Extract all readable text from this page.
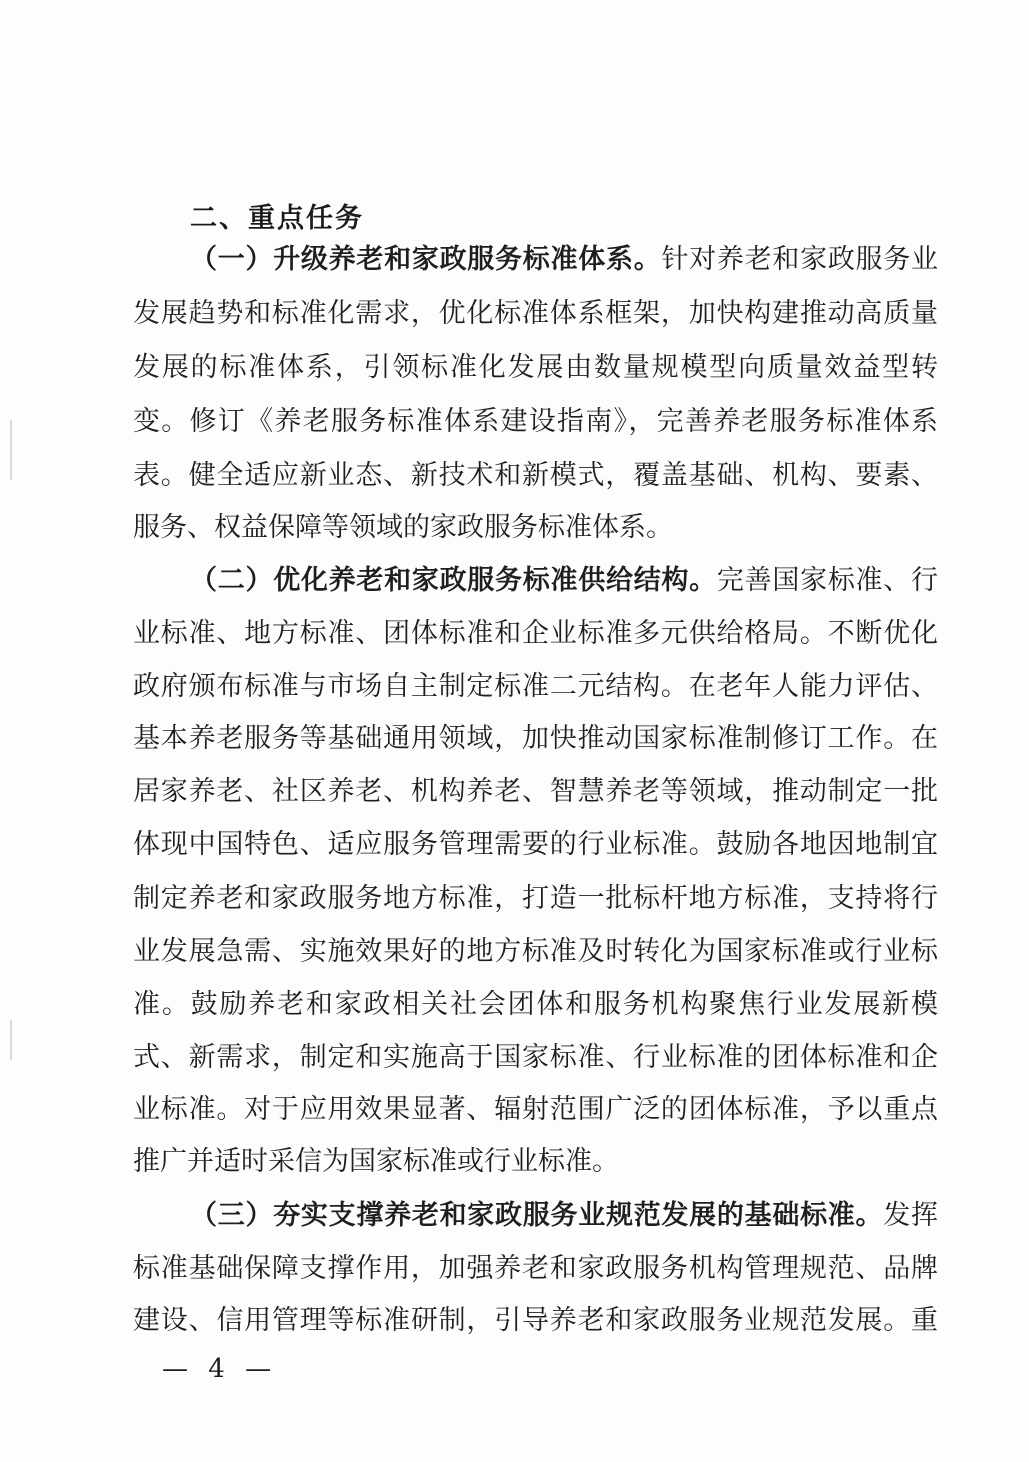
二、重点任务
（一）升级养老和家政服务标准体系。针对养老和家政服务业
发展趋势和标准化需求，优化标准体系框架，加快构建推动高质量
发展的标准体系，引领标准化发展由数量规模型向质量效益型转
变。修订《养老服务标准体系建设指南》，完善养老服务标准体系
表。健全适应新业态、新技术和新模式，覆盖基础、机构、要素、
服务、权益保障等领域的家政服务标准体系。
（二）优化养老和家政服务标准供给结构。完善国家标准、行
业标准、地方标准、团体标准和企业标准多元供给格局。不断优化
政府颁布标准与市场自主制定标准二元结构。在老年人能力评估、
基本养老服务等基础通用领域，加快推动国家标准制修订工作。在
居家养老、社区养老、机构养老、智慧养老等领域，推动制定一批
体现中国特色、适应服务管理需要的行业标准。鼓励各地因地制宜
制定养老和家政服务地方标准，打造一批标杆地方标准，支持将行
业发展急需、实施效果好的地方标准及时转化为国家标准或行业标
准。鼓励养老和家政相关社会团体和服务机构聚焦行业发展新模
式、新需求，制定和实施高于国家标准、行业标准的团体标准和企
业标准。对于应用效果显著、辐射范围广泛的团体标准，予以重点
推广并适时采信为国家标准或行业标准。
（三）夯实支撑养老和家政服务业规范发展的基础标准。发挥
标准基础保障支撑作用，加强养老和家政服务机构管理规范、品牌
建设、信用管理等标准研制，引导养老和家政服务业规范发展。重
— 4 —
